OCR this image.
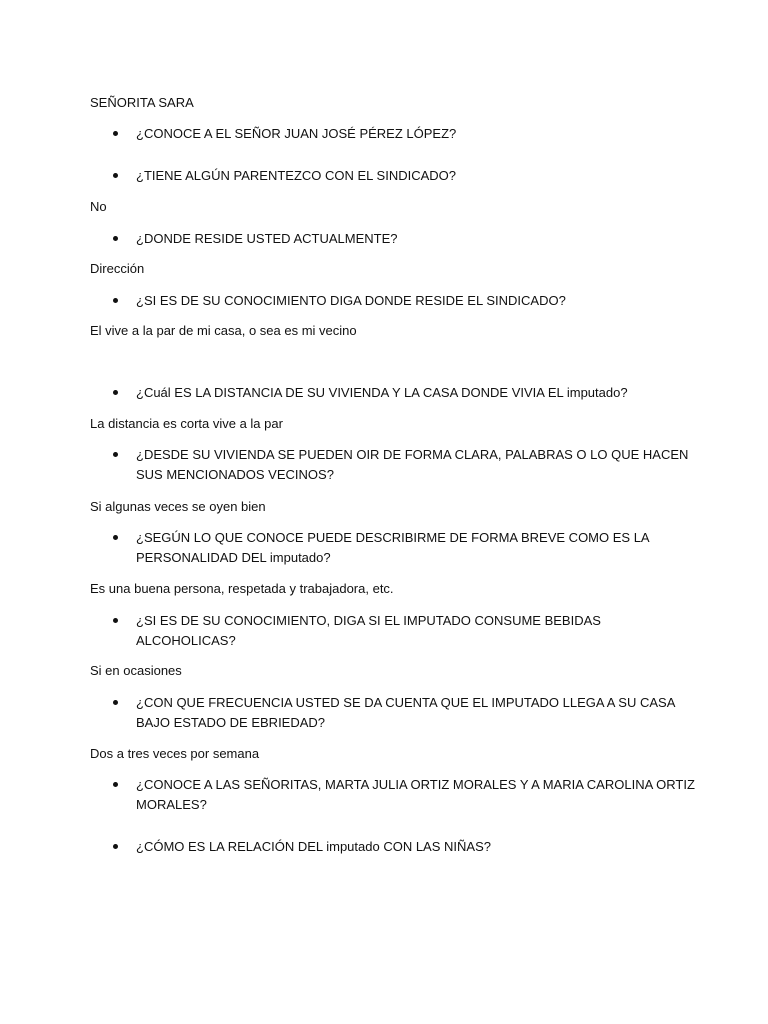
SEÑORITA SARA
¿CONOCE A EL SEÑOR JUAN JOSÉ PÉREZ LÓPEZ?
¿TIENE ALGÚN PARENTEZCO CON EL SINDICADO?
No
¿DONDE RESIDE USTED ACTUALMENTE?
Dirección
¿SI ES DE SU CONOCIMIENTO DIGA DONDE RESIDE EL SINDICADO?
El vive a la par de mi casa, o sea es mi vecino
¿Cuál ES LA DISTANCIA DE SU VIVIENDA Y LA CASA DONDE VIVIA EL imputado?
La distancia es corta vive a la par
¿DESDE SU VIVIENDA SE PUEDEN OIR DE FORMA CLARA, PALABRAS O LO QUE HACEN SUS MENCIONADOS VECINOS?
Si algunas veces se oyen bien
¿SEGÚN LO QUE CONOCE PUEDE DESCRIBIRME DE FORMA BREVE COMO ES LA PERSONALIDAD DEL imputado?
Es una buena persona, respetada y trabajadora, etc.
¿SI ES DE SU CONOCIMIENTO, DIGA SI EL IMPUTADO CONSUME BEBIDAS ALCOHOLICAS?
Si en ocasiones
¿CON QUE FRECUENCIA USTED SE DA CUENTA QUE EL IMPUTADO LLEGA A SU CASA BAJO ESTADO DE EBRIEDAD?
Dos a tres veces por semana
¿CONOCE A LAS SEÑORITAS, MARTA JULIA ORTIZ MORALES Y A MARIA CAROLINA ORTIZ MORALES?
¿CÓMO ES LA RELACIÓN DEL imputado CON LAS NIÑAS?
